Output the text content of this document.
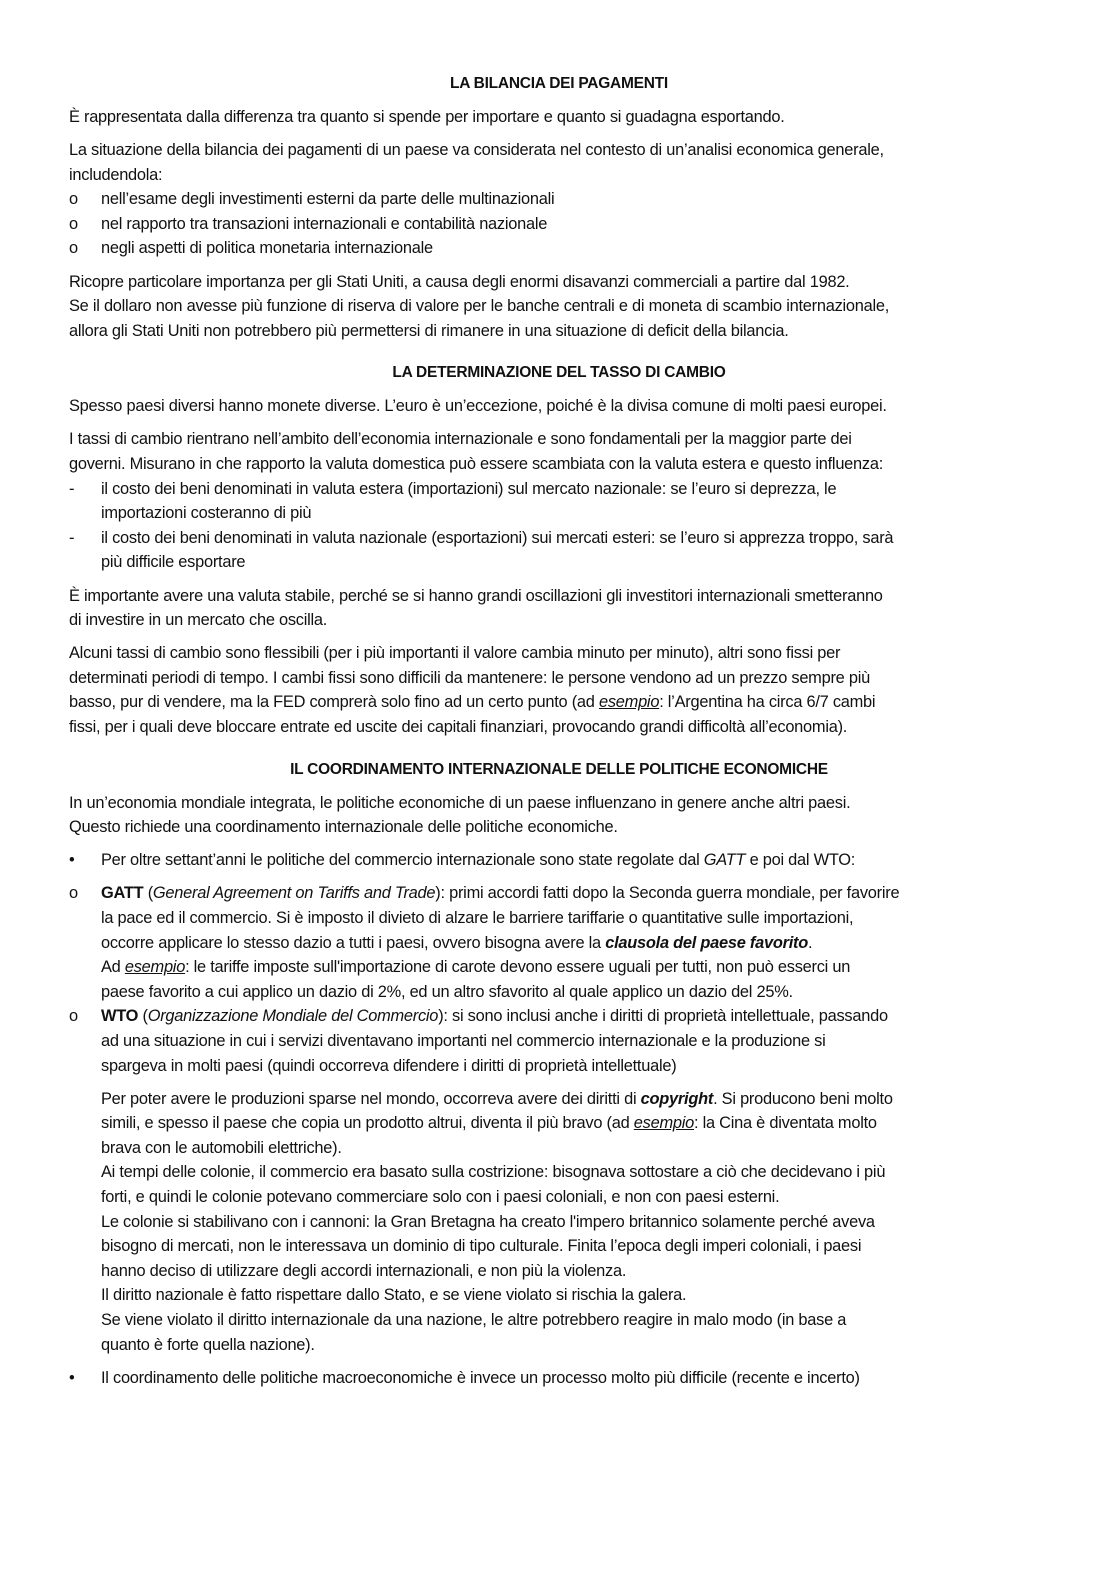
LA BILANCIA DEI PAGAMENTI
È rappresentata dalla differenza tra quanto si spende per importare e quanto si guadagna esportando.
La situazione della bilancia dei pagamenti di un paese va considerata nel contesto di un’analisi economica generale,
includendola:
o nell’esame degli investimenti esterni da parte delle multinazionali
o nel rapporto tra transazioni internazionali e contabilità nazionale
o negli aspetti di politica monetaria internazionale
Ricopre particolare importanza per gli Stati Uniti, a causa degli enormi disavanzi commerciali a partire dal 1982.
Se il dollaro non avesse più funzione di riserva di valore per le banche centrali e di moneta di scambio internazionale,
allora gli Stati Uniti non potrebbero più permettersi di rimanere in una situazione di deficit della bilancia.
LA DETERMINAZIONE DEL TASSO DI CAMBIO
Spesso paesi diversi hanno monete diverse. L’euro è un’eccezione, poiché è la divisa comune di molti paesi europei.
I tassi di cambio rientrano nell’ambito dell’economia internazionale e sono fondamentali per la maggior parte dei
governi. Misurano in che rapporto la valuta domestica può essere scambiata con la valuta estera e questo influenza:
- il costo dei beni denominati in valuta estera (importazioni) sul mercato nazionale: se l’euro si deprezza, le
importazioni costeranno di più
- il costo dei beni denominati in valuta nazionale (esportazioni) sui mercati esteri: se l’euro si apprezza troppo, sarà
più difficile esportare
È importante avere una valuta stabile, perché se si hanno grandi oscillazioni gli investitori internazionali smetteranno
di investire in un mercato che oscilla.
Alcuni tassi di cambio sono flessibili (per i più importanti il valore cambia minuto per minuto), altri sono fissi per
determinati periodi di tempo. I cambi fissi sono difficili da mantenere: le persone vendono ad un prezzo sempre più
basso, pur di vendere, ma la FED comprerà solo fino ad un certo punto (ad esempio: l’Argentina ha circa 6/7 cambi
fissi, per i quali deve bloccare entrate ed uscite dei capitali finanziari, provocando grandi difficoltà all’economia).
IL COORDINAMENTO INTERNAZIONALE DELLE POLITICHE ECONOMICHE
In un’economia mondiale integrata, le politiche economiche di un paese influenzano in genere anche altri paesi.
Questo richiede una coordinamento internazionale delle politiche economiche.
• Per oltre settant’anni le politiche del commercio internazionale sono state regolate dal GATT e poi dal WTO:
o GATT (General Agreement on Tariffs and Trade): primi accordi fatti dopo la Seconda guerra mondiale, per favorire
la pace ed il commercio. Si è imposto il divieto di alzare le barriere tariffarie o quantitative sulle importazioni,
occorre applicare lo stesso dazio a tutti i paesi, ovvero bisogna avere la clausola del paese favorito.
Ad esempio: le tariffe imposte sull'importazione di carote devono essere uguali per tutti, non può esserci un
paese favorito a cui applico un dazio di 2%, ed un altro sfavorito al quale applico un dazio del 25%.
o WTO (Organizzazione Mondiale del Commercio): si sono inclusi anche i diritti di proprietà intellettuale, passando
ad una situazione in cui i servizi diventavano importanti nel commercio internazionale e la produzione si
spargeva in molti paesi (quindi occorreva difendere i diritti di proprietà intellettuale)
Per poter avere le produzioni sparse nel mondo, occorreva avere dei diritti di copyright. Si producono beni molto
simili, e spesso il paese che copia un prodotto altrui, diventa il più bravo (ad esempio: la Cina è diventata molto
brava con le automobili elettriche).
Ai tempi delle colonie, il commercio era basato sulla costrizione: bisognava sottostare a ciò che decidevano i più
forti, e quindi le colonie potevano commerciare solo con i paesi coloniali, e non con paesi esterni.
Le colonie si stabilivano con i cannoni: la Gran Bretagna ha creato l'impero britannico solamente perché aveva
bisogno di mercati, non le interessava un dominio di tipo culturale. Finita l’epoca degli imperi coloniali, i paesi
hanno deciso di utilizzare degli accordi internazionali, e non più la violenza.
Il diritto nazionale è fatto rispettare dallo Stato, e se viene violato si rischia la galera.
Se viene violato il diritto internazionale da una nazione, le altre potrebbero reagire in malo modo (in base a
quanto è forte quella nazione).
• Il coordinamento delle politiche macroeconomiche è invece un processo molto più difficile (recente e incerto)
